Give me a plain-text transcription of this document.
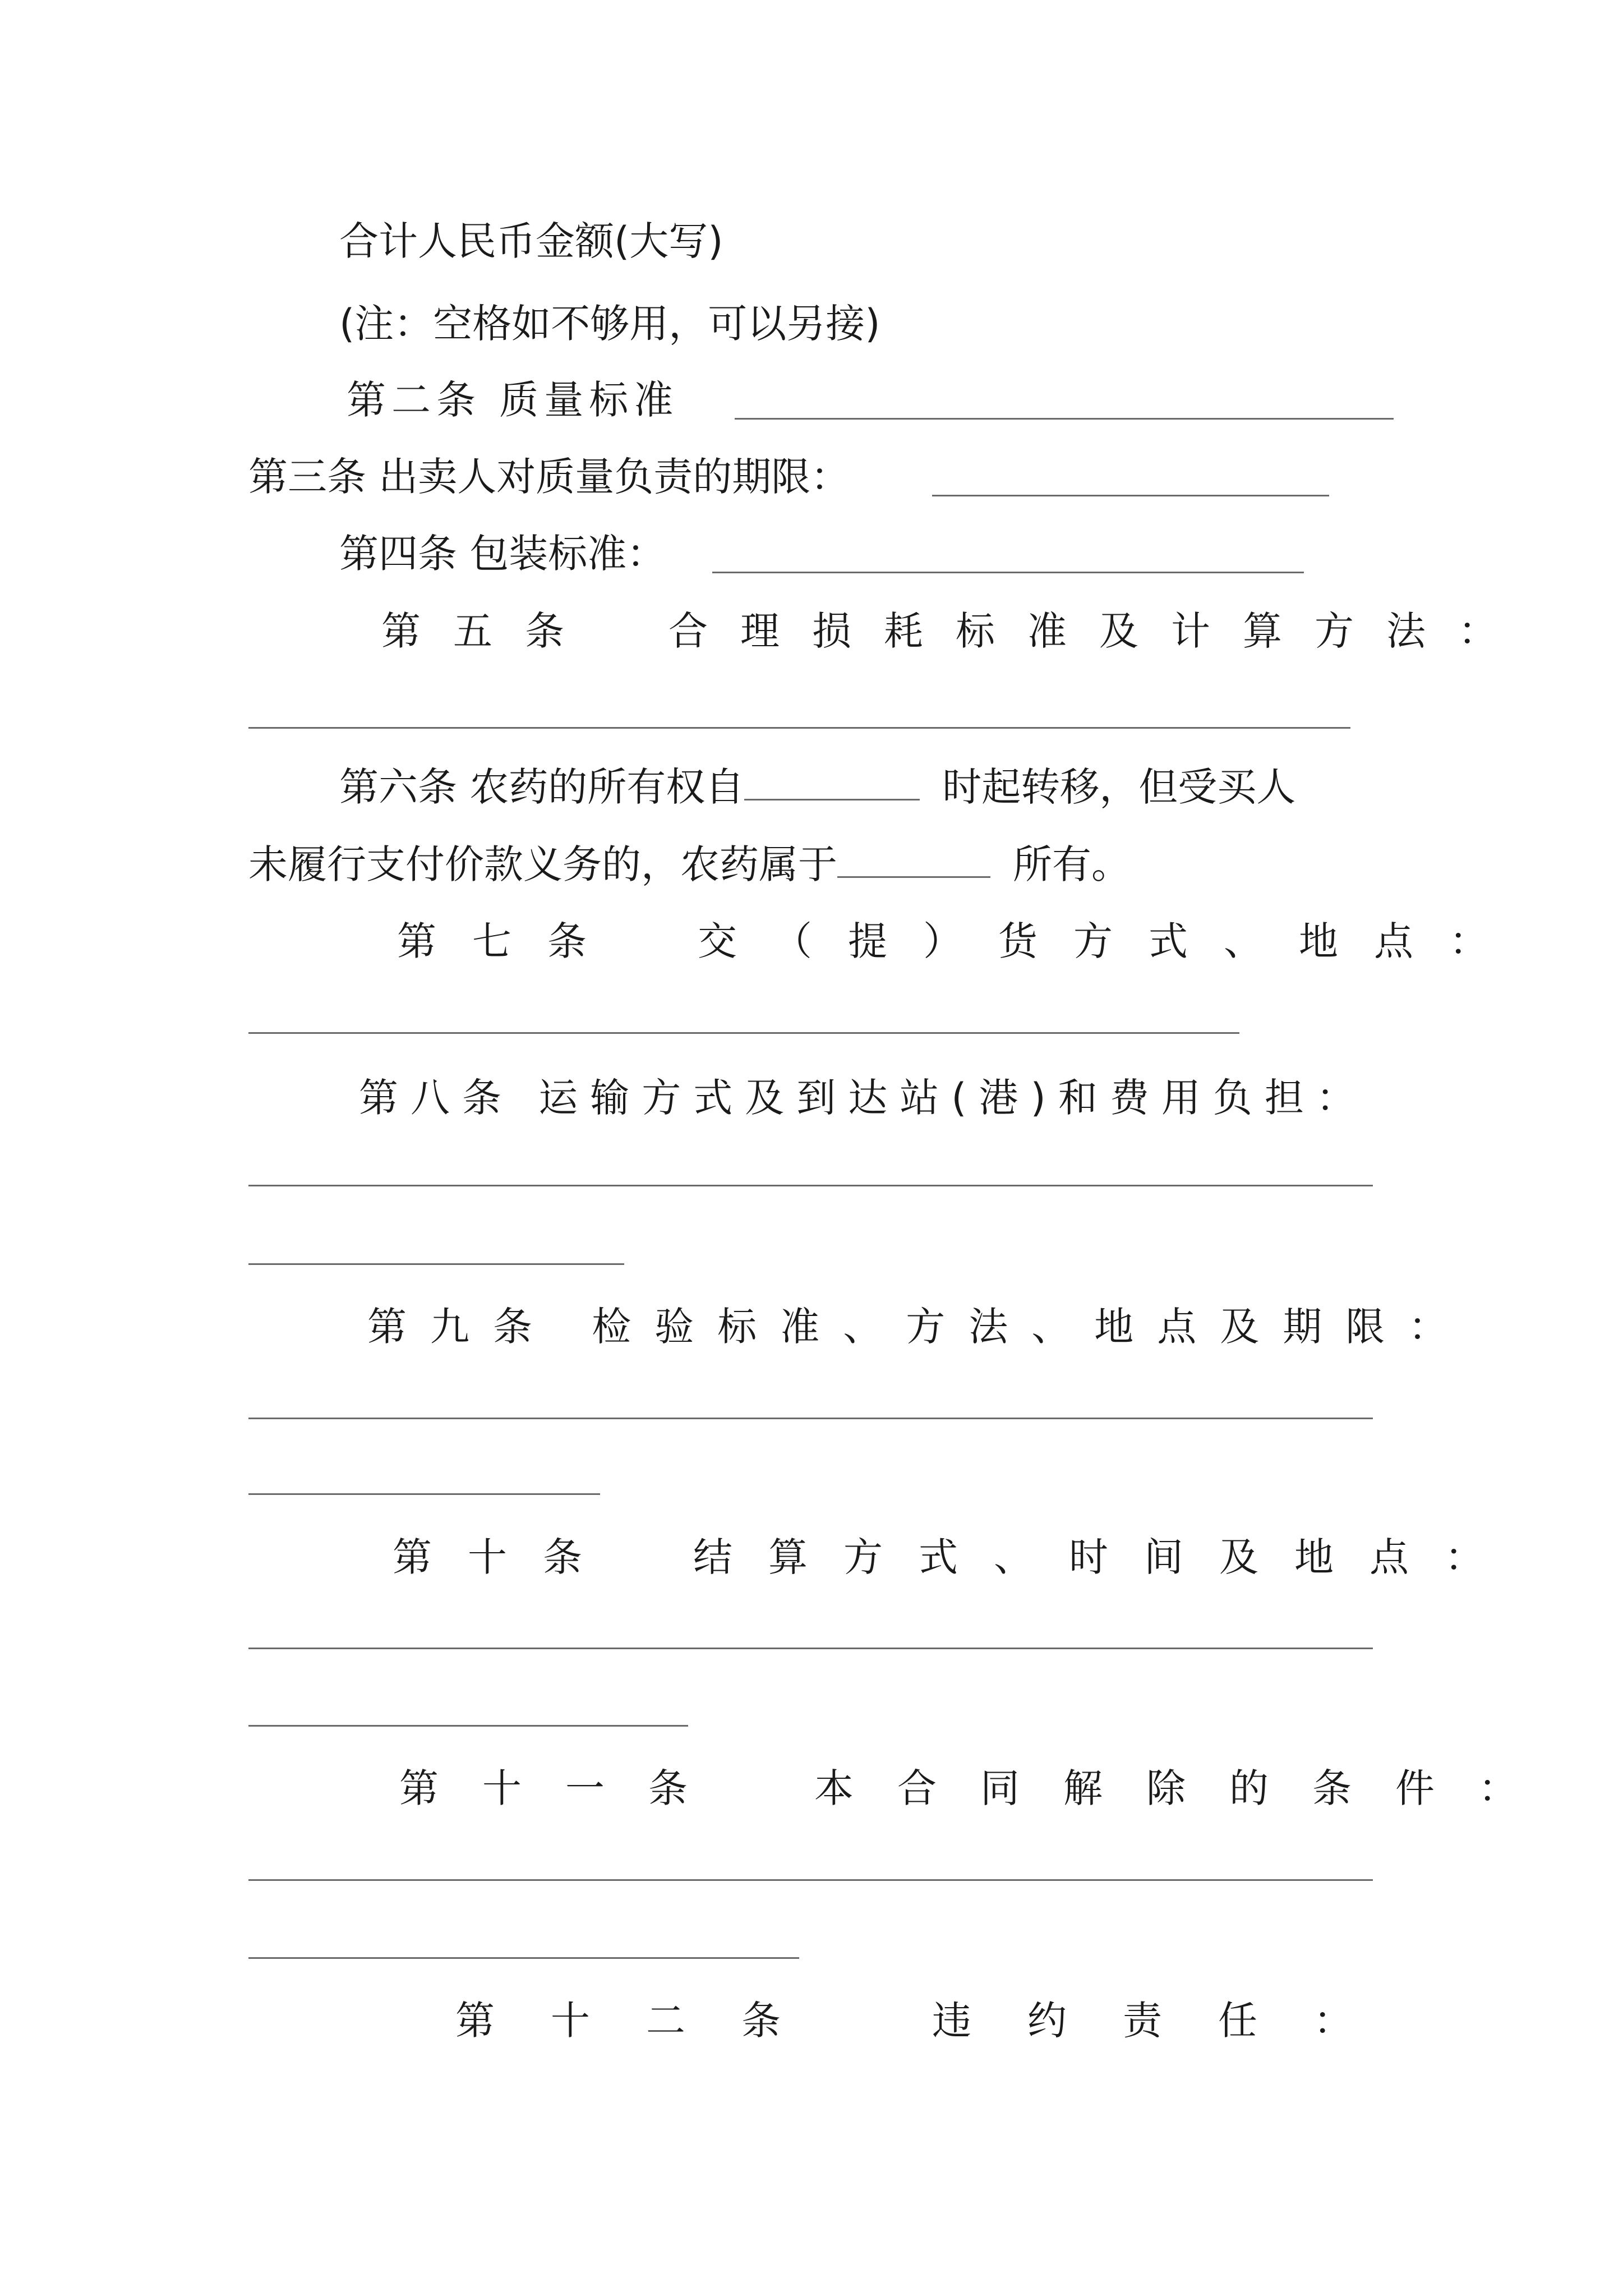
合计人民币金额(大写)
(注：空格如不够用，可以另接)
第二条 质量标准
第三条 出卖人对质量负责的期限：
第四条 包装标准：
第五条　合理损耗标准及计算方法：
第六条 农药的所有权自	时起转移，但受买人
未履行支付价款义务的，农药属于	所有。
第七条　交（提）货方式、地点：
第八条 运输方式及到达站(港)和费用负担：
第九条 检验标准、方法、地点及期限：
第十条　结算方式、时间及地点：
第十一条　本合同解除的条件：
第十二条　违约责任：
